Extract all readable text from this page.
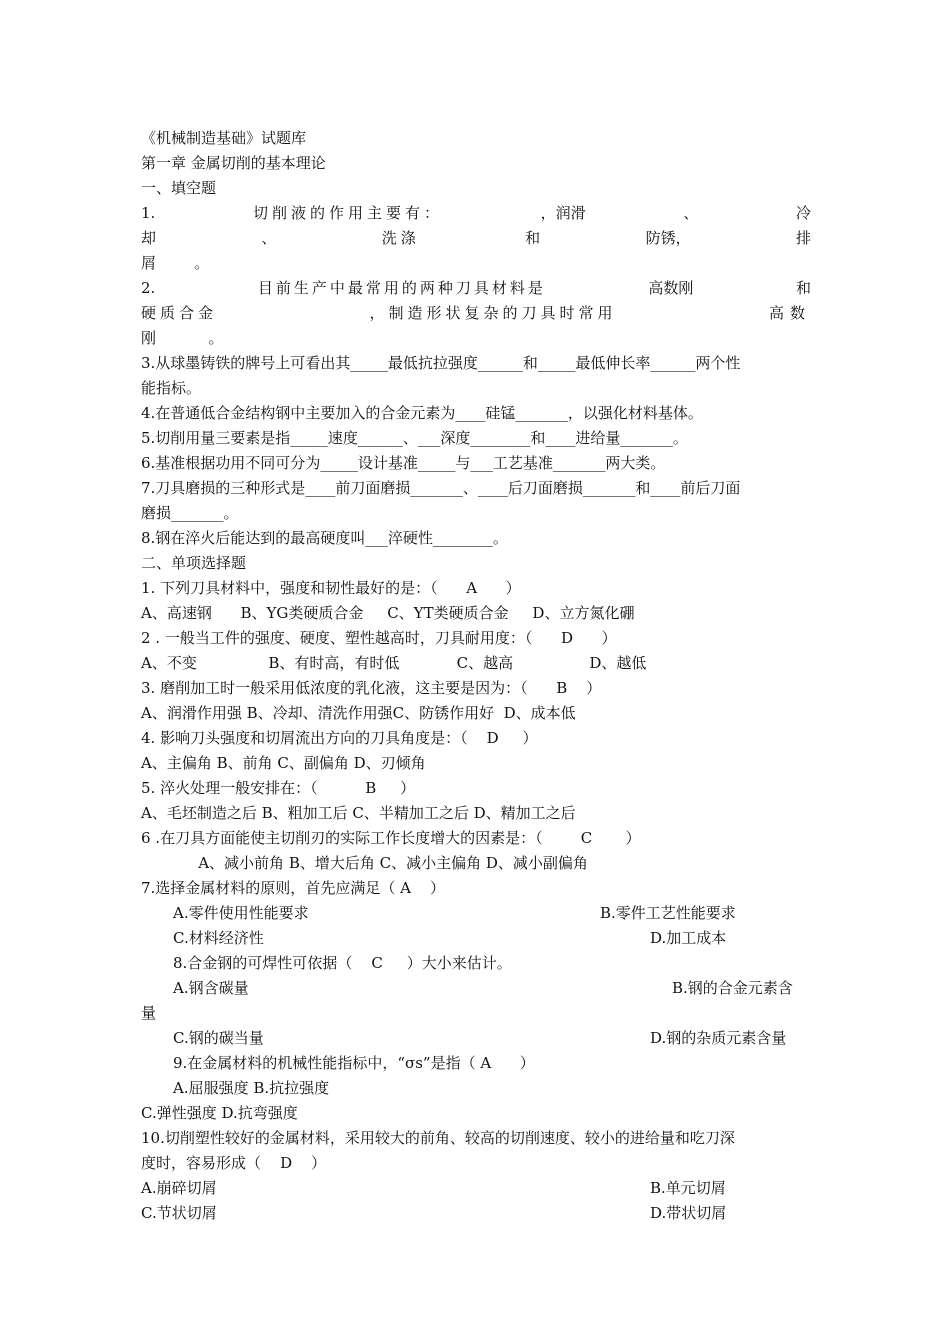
《机械制造基础》试题库
第一章 金属切削的基本理论
一、填空题
1.	切削液的作用主要有：	，润滑	、	冷
却	、	洗涤	和	防锈，	排
屑        。
2.	目前生产中最常用的两种刀具材料是	高数刚	和
硬质合金	，制造形状复杂的刀具时常用	高数
刚           。
3.从球墨铸铁的牌号上可看出其_____最低抗拉强度______和_____最低伸长率______两个性
能指标。
4.在普通低合金结构钢中主要加入的合金元素为____硅锰_______，以强化材料基体。
5.切削用量三要素是指_____速度______、___深度________和____进给量_______。
6.基准根据功用不同可分为_____设计基准_____与___工艺基准_______两大类。
7.刀具磨损的三种形式是____前刀面磨损_______、____后刀面磨损_______和____前后刀面
磨损_______。
8.钢在淬火后能达到的最高硬度叫___淬硬性________。
二、单项选择题
1. 下列刀具材料中，强度和韧性最好的是：（      A      ）
A、高速钢      B、YG类硬质合金     C、YT类硬质合金     D、立方氮化硼
2 . 一般当工件的强度、硬度、塑性越高时，刀具耐用度：（      D      ）
A、不变               B、有时高，有时低            C、越高                D、越低
3. 磨削加工时一般采用低浓度的乳化液，这主要是因为：（      B    ）
A、润滑作用强 B、冷却、清洗作用强C、防锈作用好  D、成本低
4. 影响刀头强度和切屑流出方向的刀具角度是：（    D     ）
A、主偏角 B、前角 C、副偏角 D、刃倾角
5. 淬火处理一般安排在：（          B     ）
A、毛坯制造之后 B、粗加工后 C、半精加工之后 D、精加工之后
6 .在刀具方面能使主切削刃的实际工作长度增大的因素是：（        C       ）
A、减小前角 B、增大后角 C、减小主偏角 D、减小副偏角
7.选择金属材料的原则，首先应满足（ A    ）
A.零件使用性能要求	B.零件工艺性能要求
C.材料经济性	D.加工成本
8.合金钢的可焊性可依据（    C     ）大小来估计。
A.钢含碳量	B.钢的合金元素含
量
C.钢的碳当量	D.钢的杂质元素含量
9.在金属材料的机械性能指标中，“σs”是指（ A      ）
A.屈服强度 B.抗拉强度
C.弹性强度 D.抗弯强度
10.切削塑性较好的金属材料，采用较大的前角、较高的切削速度、较小的进给量和吃刀深
度时，容易形成（    D    ）
A.崩碎切屑	B.单元切屑
C.节状切屑	D.带状切屑
